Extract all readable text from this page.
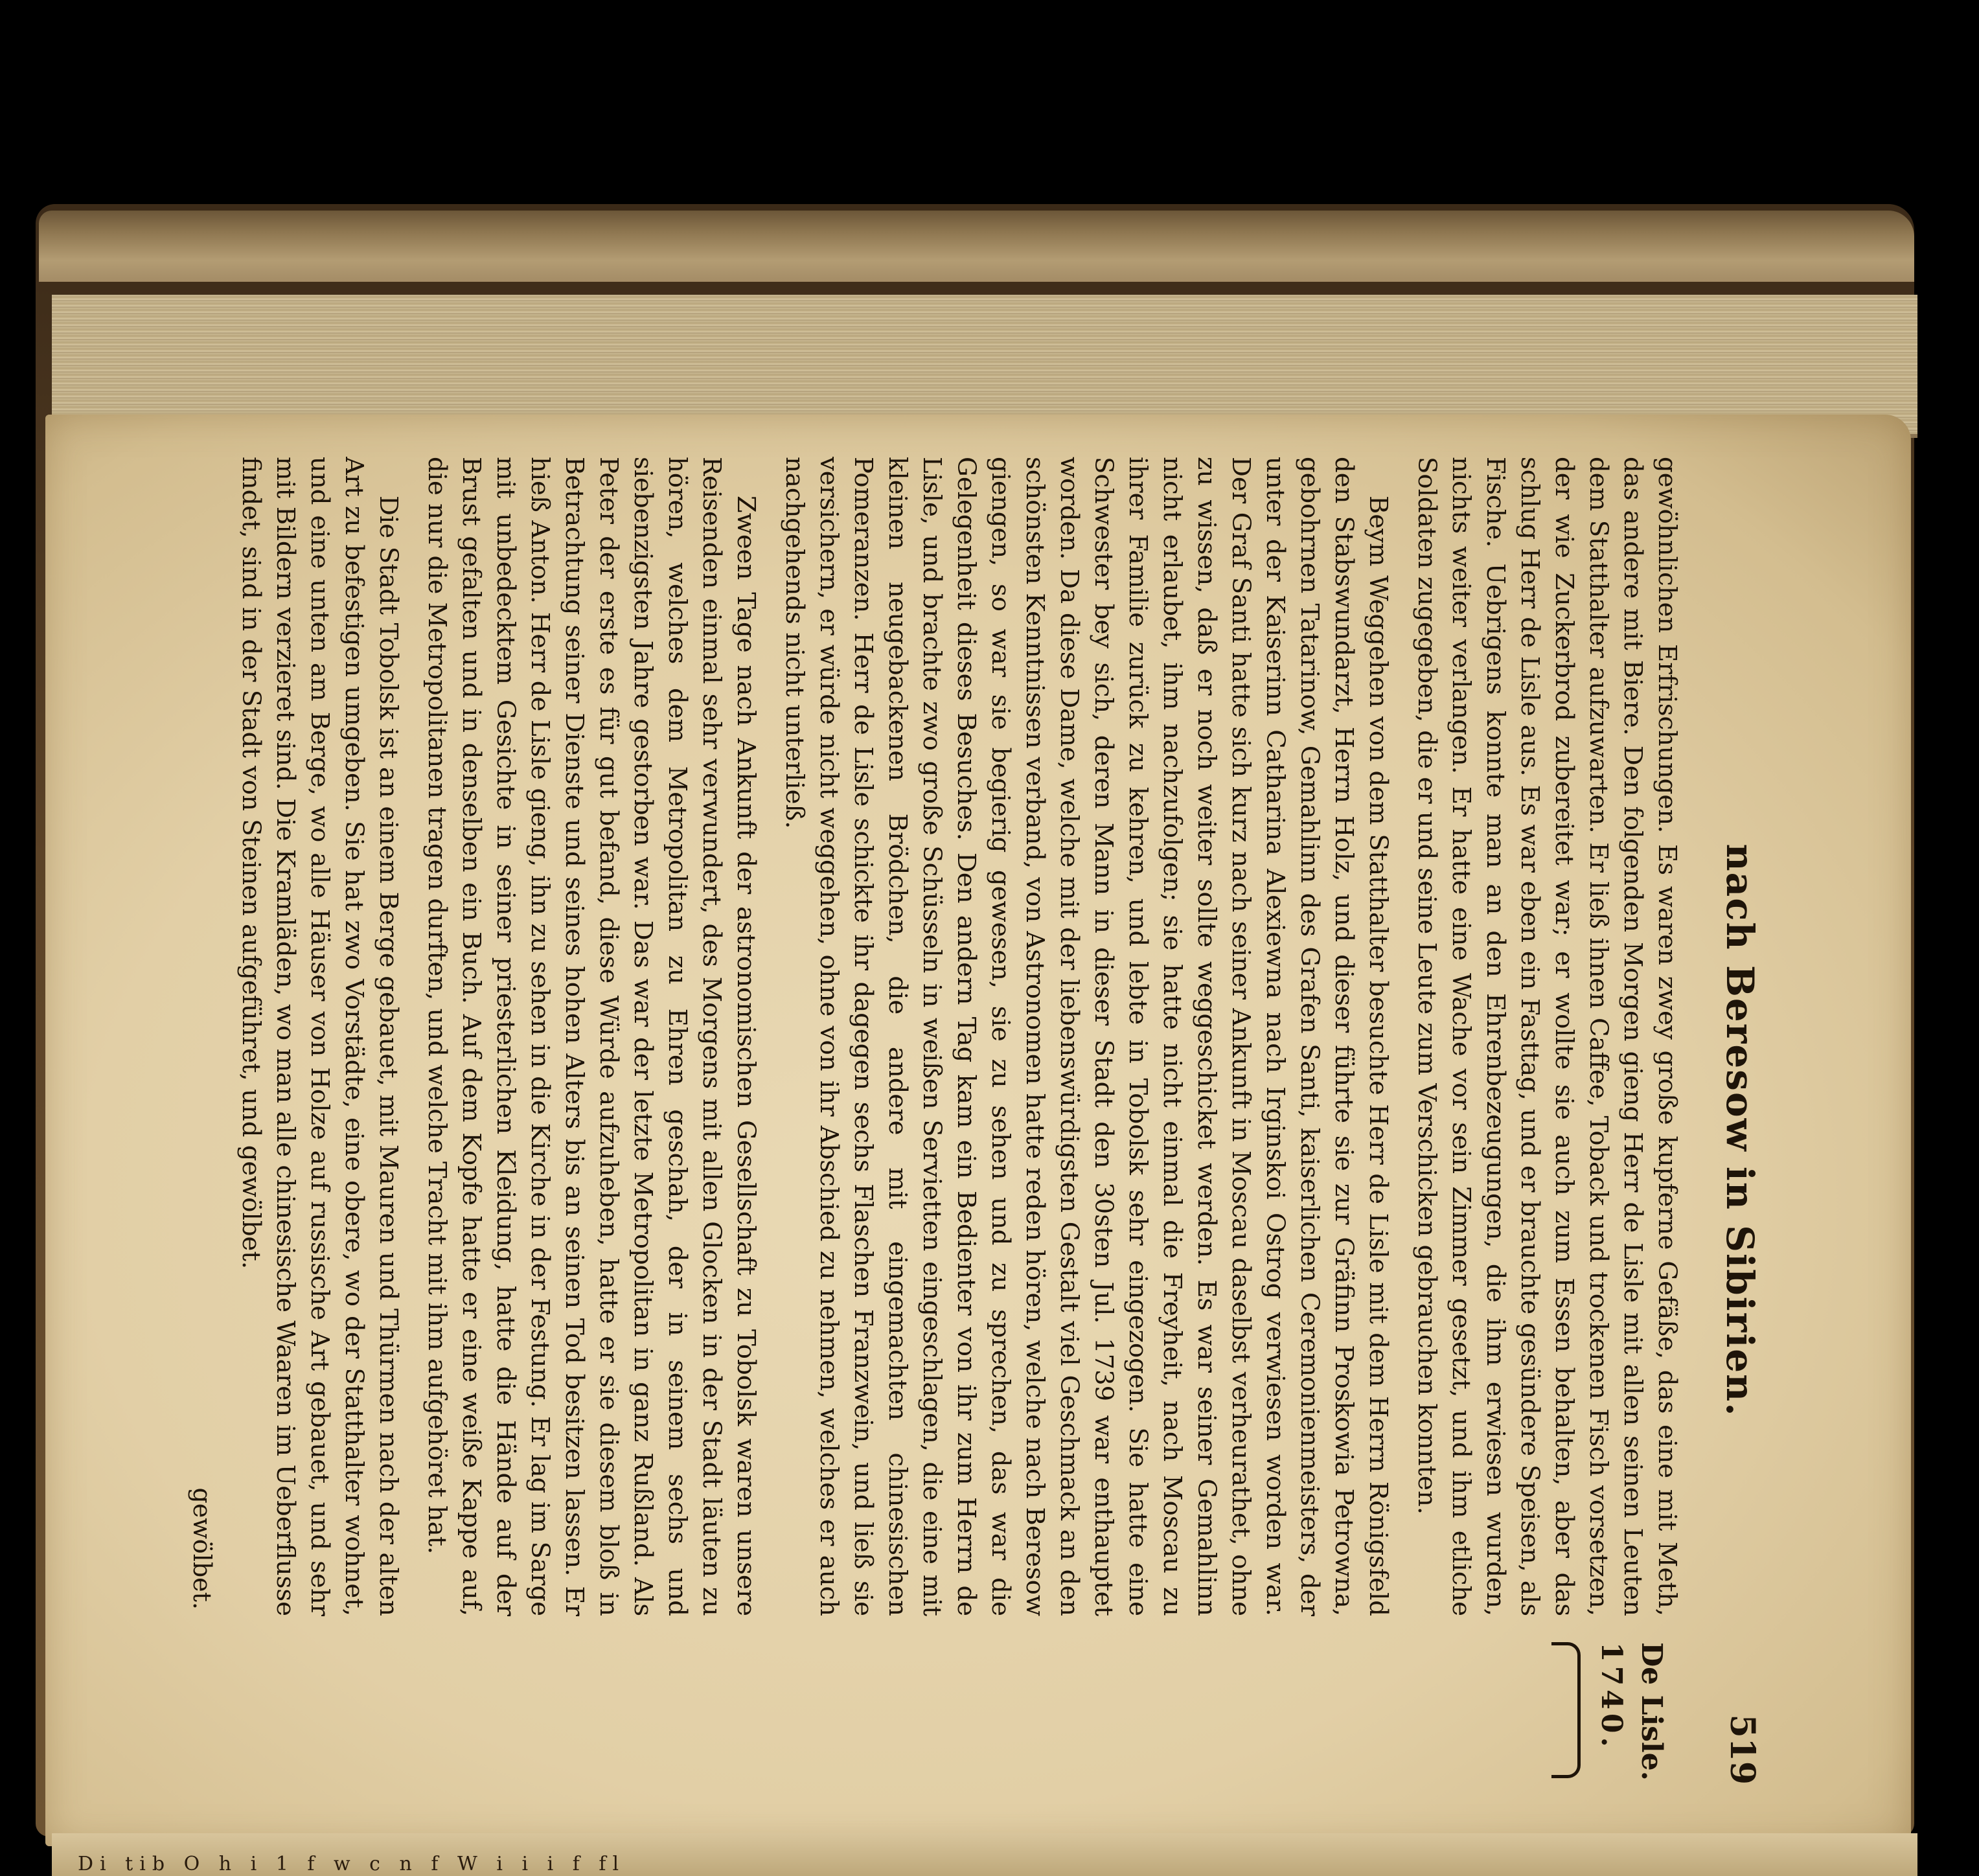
Di tib O h i 1 f w c n f W i i i f fl
nach Beresow in Sibirien.
519

gewöhnlichen Erfrischungen. Es waren zwey große kupferne Gefäße, das eine mit Meth, das andere mit Biere. Den folgenden Morgen gieng Herr de Lisle mit allen seinen Leuten dem Statthalter aufzuwarten. Er ließ ihnen Caffee, Toback und trockenen Fisch vorsetzen, der wie Zuckerbrod zubereitet war; er wollte sie auch zum Essen behalten, aber das schlug Herr de Lisle aus. Es war eben ein Fasttag, und er brauchte gesündere Speisen, als Fische. Uebrigens konnte man an den Ehrenbezeugungen, die ihm erwiesen wurden, nichts weiter verlangen. Er hatte eine Wache vor sein Zimmer gesetzt, und ihm etliche Soldaten zugegeben, die er und seine Leute zum Verschicken gebrauchen konnten.

Beym Weggehen von dem Statthalter besuchte Herr de Lisle mit dem Herrn Rönigsfeld den Stabswundarzt, Herrn Holz, und dieser führte sie zur Gräfinn Proskowia Petrowna, gebohrnen Tatarinow, Gemahlinn des Grafen Santi, kaiserlichen Ceremonienmeisters, der unter der Kaiserinn Catharina Alexiewna nach Irginskoi Ostrog verwiesen worden war. Der Graf Santi hatte sich kurz nach seiner Ankunft in Moscau daselbst verheurathet, ohne zu wissen, daß er noch weiter sollte weggeschicket werden. Es war seiner Gemahlinn nicht erlaubet, ihm nachzufolgen; sie hatte nicht einmal die Freyheit, nach Moscau zu ihrer Familie zurück zu kehren, und lebte in Tobolsk sehr eingezogen. Sie hatte eine Schwester bey sich, deren Mann in dieser Stadt den 30sten Jul. 1739 war enthauptet worden. Da diese Dame, welche mit der liebenswürdigsten Gestalt viel Geschmack an den schönsten Kenntnissen verband, von Astronomen hatte reden hören, welche nach Beresow giengen, so war sie begierig gewesen, sie zu sehen und zu sprechen, das war die Gelegenheit dieses Besuches. Den andern Tag kam ein Bedienter von ihr zum Herrn de Lisle, und brachte zwo große Schüsseln in weißen Servietten eingeschlagen, die eine mit kleinen neugebackenen Brödchen, die andere mit eingemachten chinesischen Pomeranzen. Herr de Lisle schickte ihr dagegen sechs Flaschen Franzwein, und ließ sie versichern, er würde nicht weggehen, ohne von ihr Abschied zu nehmen, welches er auch nachgehends nicht unterließ.

Zween Tage nach Ankunft der astronomischen Gesellschaft zu Tobolsk waren unsere Reisenden einmal sehr verwundert, des Morgens mit allen Glocken in der Stadt läuten zu hören, welches dem Metropolitan zu Ehren geschah, der in seinem sechs und siebenzigsten Jahre gestorben war. Das war der letzte Metropolitan in ganz Rußland. Als Peter der erste es für gut befand, diese Würde aufzuheben, hatte er sie diesem bloß in Betrachtung seiner Dienste und seines hohen Alters bis an seinen Tod besitzen lassen. Er hieß Anton. Herr de Lisle gieng, ihn zu sehen in die Kirche in der Festung. Er lag im Sarge mit unbedecktem Gesichte in seiner priesterlichen Kleidung, hatte die Hände auf der Brust gefalten und in denselben ein Buch. Auf dem Kopfe hatte er eine weiße Kappe auf, die nur die Metropolitanen tragen durften, und welche Tracht mit ihm aufgehöret hat.

Die Stadt Tobolsk ist an einem Berge gebauet, mit Mauren und Thürmen nach der alten Art zu befestigen umgeben. Sie hat zwo Vorstädte, eine obere, wo der Statthalter wohnet, und eine unten am Berge, wo alle Häuser von Holze auf russische Art gebauet, und sehr mit Bildern verzieret sind. Die Kramläden, wo man alle chinesische Waaren im Ueberflusse findet, sind in der Stadt von Steinen aufgeführet, und gewölbet.

De Lisle.
1740.
gewölbet.
